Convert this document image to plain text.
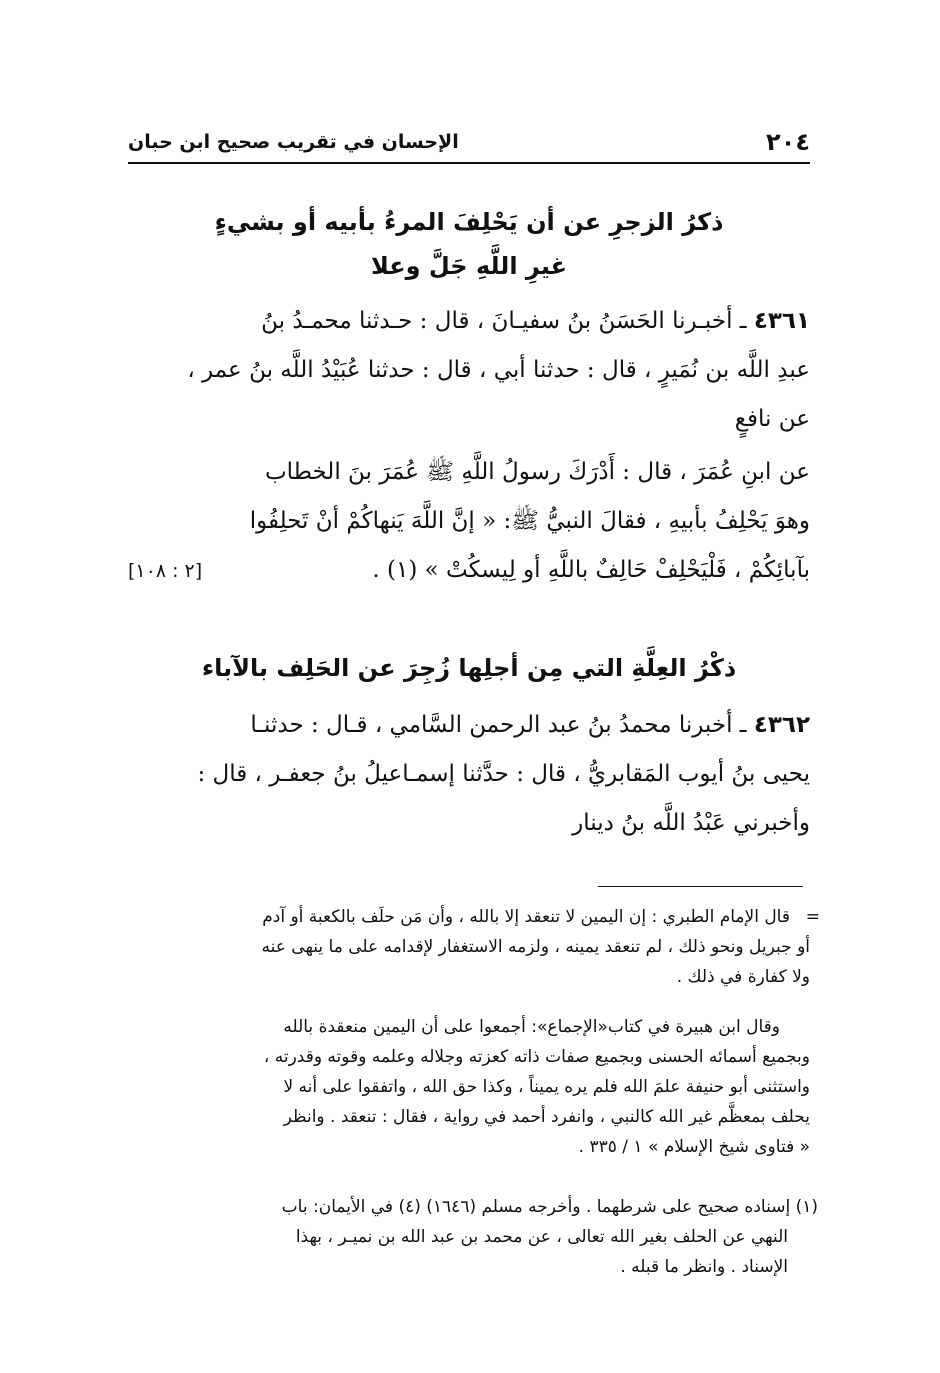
٢٠٤
الإحسان في تقريب صحيح ابن حبان
ذكرُ الزجرِ عن أن يَحْلِفَ المرءُ بأبيه أو بشيءٍ
غيرِ اللَّهِ جَلَّ وعلا
٤٣٦١ ـ أخبـرنا الحَسَنُ بنُ سفيـانَ ، قال : حـدثنا محمـدُ بنُ
عبدِ اللَّه بن نُمَيرٍ ، قال : حدثنا أبي ، قال : حدثنا عُبَيْدُ اللَّه بنُ عمر ،
عن نافعٍ
عن ابنِ عُمَرَ ، قال : أَدْرَكَ رسولُ اللَّهِ ﷺ عُمَرَ بنَ الخطاب
وهوَ يَحْلِفُ بأبيهِ ، فقالَ النبيُّ ﷺ: « إنَّ اللَّهَ يَنهاكُمْ أنْ تَحلِفُوا
بآبائِكُمْ ، فَلْيَحْلِفْ حَالِفٌ باللَّهِ أو لِيسكُتْ » (١) .
[٢ : ١٠٨]
ذكْرُ العِلَّةِ التي مِن أجلِها زُجِرَ عن الحَلِف بالآباء
٤٣٦٢ ـ أخبرنا محمدُ بنُ عبد الرحمن السَّامي ، قـال : حدثنـا
يحيى بنُ أيوب المَقابريُّ ، قال : حدَّثنا إسمـاعيلُ بنُ جعفـر ، قال :
وأخبرني عَبْدُ اللَّه بنُ دينار
=
قال الإمام الطبري : إن اليمين لا تنعقد إلا بالله ، وأن مَن حلَف بالكعبة أو آدم
أو جبريل ونحو ذلك ، لم تنعقد يمينه ، ولزمه الاستغفار لإقدامه على ما ينهى عنه
ولا كفارة في ذلك .
وقال ابن هبيرة في كتاب«الإجماع»: أجمعوا على أن اليمين منعقدة بالله
وبجميع أسمائه الحسنى وبجميع صفات ذاته كعزته وجلاله وعلمه وقوته وقدرته ،
واستثنى أبو حنيفة علمَ الله فلم يره يميناً ، وكذا حق الله ، واتفقوا على أنه لا
يحلف بمعظَّم غير الله كالنبي ، وانفرد أحمد في رواية ، فقال : تنعقد . وانظر
« فتاوى شيخ الإسلام » ١ / ٣٣٥ .
(١) إسناده صحيح على شرطهما . وأخرجه مسلم (١٦٤٦) (٤) في الأيمان: باب
النهي عن الحلف بغير الله تعالى ، عن محمد بن عبد الله بن نميـر ، بهذا
الإسناد . وانظر ما قبله .
